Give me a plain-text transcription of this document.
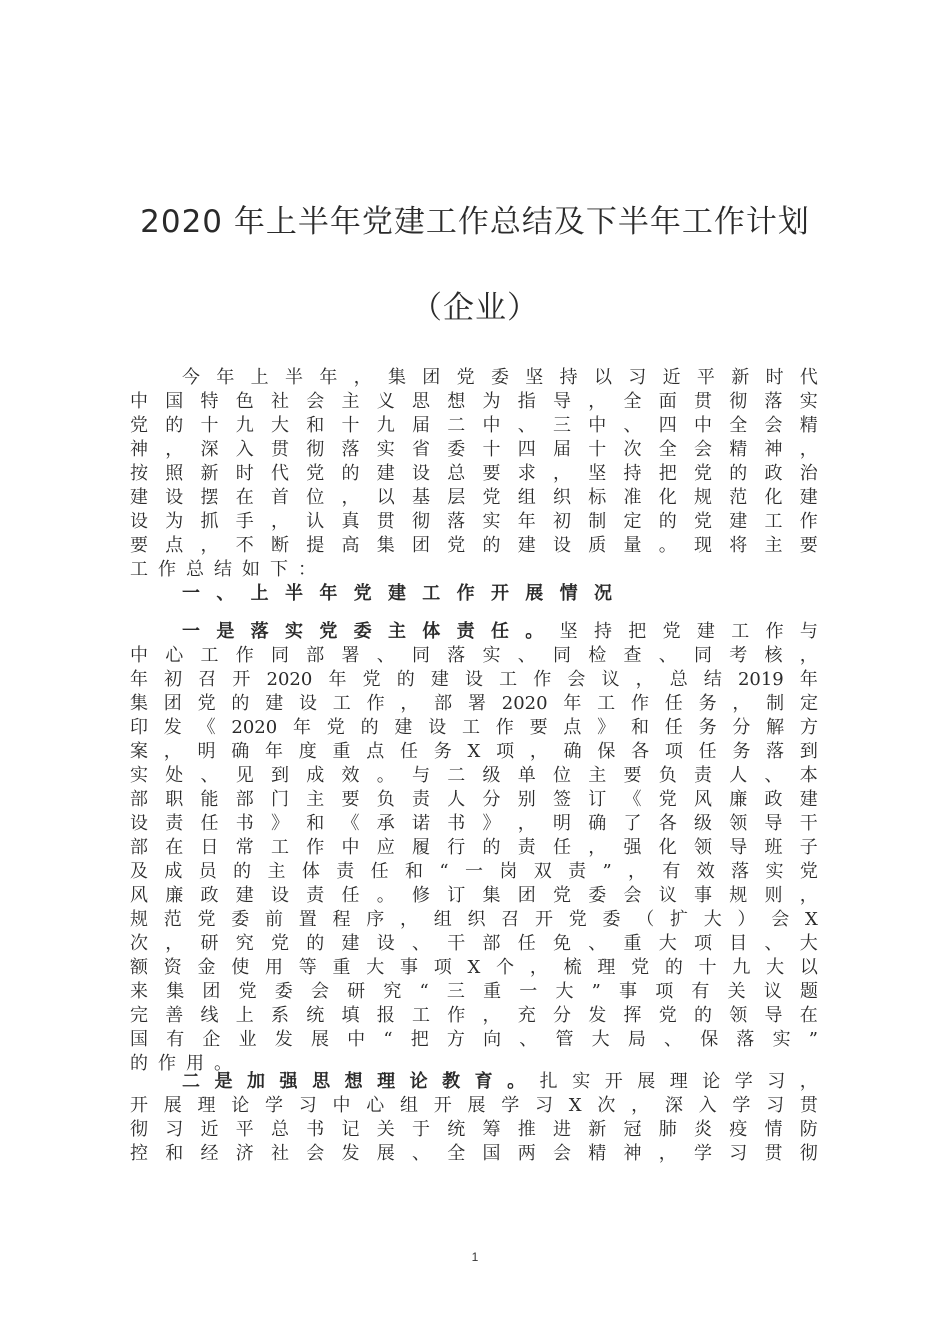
2020 年上半年党建工作总结及下半年工作计划
（企业）
今 年 上 半 年 ， 集 团 党 委 坚 持 以 习 近 平 新 时 代
中 国 特 色 社 会 主 义 思 想 为 指 导 ， 全 面 贯 彻 落 实
党 的 十 九 大 和 十 九 届 二 中 、 三 中 、 四 中 全 会 精
神 ， 深 入 贯 彻 落 实 省 委 十 四 届 十 次 全 会 精 神 ，
按 照 新 时 代 党 的 建 设 总 要 求 ， 坚 持 把 党 的 政 治
建 设 摆 在 首 位 ， 以 基 层 党 组 织 标 准 化 规 范 化 建
设 为 抓 手 ， 认 真 贯 彻 落 实 年 初 制 定 的 党 建 工 作
要 点 ， 不 断 提 高 集 团 党 的 建 设 质 量 。 现 将 主 要
工 作 总 结 如 下 ：
一 、 上 半 年 党 建 工 作 开 展 情 况
一 是 落 实 党 委 主 体 责 任 。 坚 持 把 党 建 工 作 与
中 心 工 作 同 部 署 、 同 落 实 、 同 检 查 、 同 考 核 ，
年 初 召 开 2020 年 党 的 建 设 工 作 会 议 ， 总 结 2019 年
集 团 党 的 建 设 工 作 ， 部 署 2020 年 工 作 任 务 ， 制 定
印 发 《 2020 年 党 的 建 设 工 作 要 点 》 和 任 务 分 解 方
案 ， 明 确 年 度 重 点 任 务 X 项 ， 确 保 各 项 任 务 落 到
实 处 、 见 到 成 效 。 与 二 级 单 位 主 要 负 责 人 、 本
部 职 能 部 门 主 要 负 责 人 分 别 签 订 《 党 风 廉 政 建
设 责 任 书 》 和 《 承 诺 书 》 ， 明 确 了 各 级 领 导 干
部 在 日 常 工 作 中 应 履 行 的 责 任 ， 强 化 领 导 班 子
及 成 员 的 主 体 责 任 和 “ 一 岗 双 责 ” ， 有 效 落 实 党
风 廉 政 建 设 责 任 。 修 订 集 团 党 委 会 议 事 规 则 ，
规 范 党 委 前 置 程 序 ， 组 织 召 开 党 委 （ 扩 大 ） 会 X
次 ， 研 究 党 的 建 设 、 干 部 任 免 、 重 大 项 目 、 大
额 资 金 使 用 等 重 大 事 项 X 个 ， 梳 理 党 的 十 九 大 以
来 集 团 党 委 会 研 究 “ 三 重 一 大 ” 事 项 有 关 议 题
完 善 线 上 系 统 填 报 工 作 ， 充 分 发 挥 党 的 领 导 在
国 有 企 业 发 展 中 “ 把 方 向 、 管 大 局 、 保 落 实 ”
的 作 用 。
二 是 加 强 思 想 理 论 教 育 。 扎 实 开 展 理 论 学 习 ，
开 展 理 论 学 习 中 心 组 开 展 学 习 X 次 ， 深 入 学 习 贯
彻 习 近 平 总 书 记 关 于 统 筹 推 进 新 冠 肺 炎 疫 情 防
控 和 经 济 社 会 发 展 、 全 国 两 会 精 神 ， 学 习 贯 彻
1
